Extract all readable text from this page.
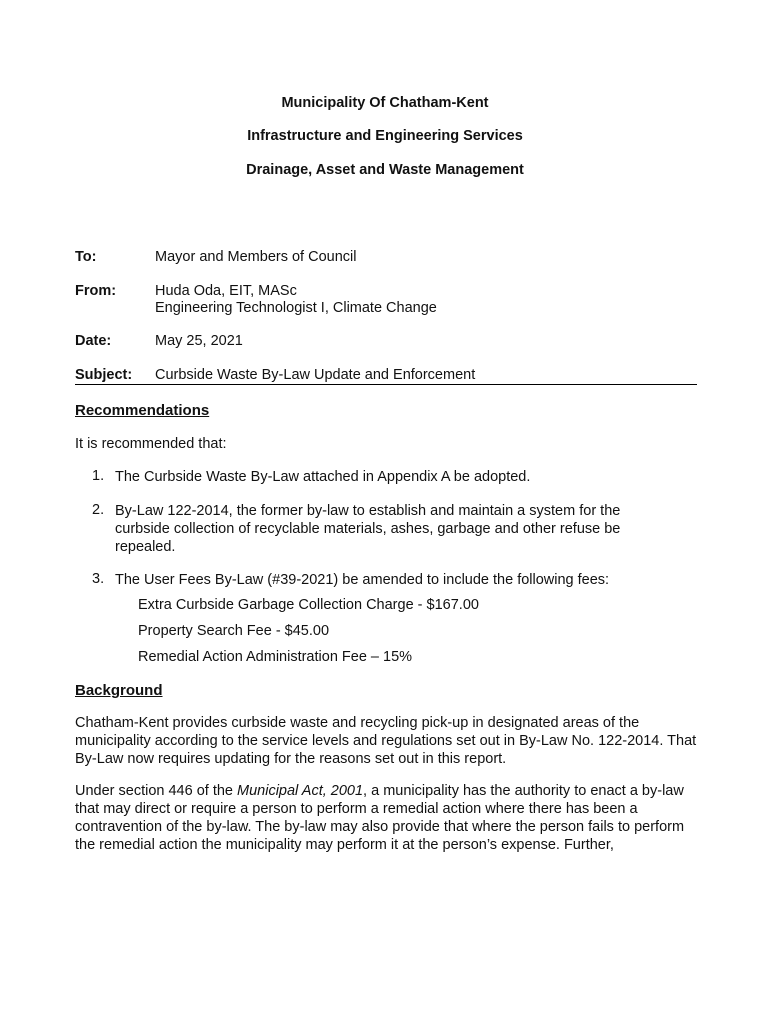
Municipality Of Chatham-Kent
Infrastructure and Engineering Services
Drainage, Asset and Waste Management
To:	Mayor and Members of Council
From:	Huda Oda, EIT, MASc
Engineering Technologist I, Climate Change
Date:	May 25, 2021
Subject: Curbside Waste By-Law Update and Enforcement
Recommendations
It is recommended that:
1. The Curbside Waste By-Law attached in Appendix A be adopted.
2. By-Law 122-2014, the former by-law to establish and maintain a system for the curbside collection of recyclable materials, ashes, garbage and other refuse be repealed.
3. The User Fees By-Law (#39-2021) be amended to include the following fees:
Extra Curbside Garbage Collection Charge - $167.00
Property Search Fee - $45.00
Remedial Action Administration Fee – 15%
Background
Chatham-Kent provides curbside waste and recycling pick-up in designated areas of the municipality according to the service levels and regulations set out in By-Law No. 122-2014. That By-Law now requires updating for the reasons set out in this report.
Under section 446 of the Municipal Act, 2001, a municipality has the authority to enact a by-law that may direct or require a person to perform a remedial action where there has been a contravention of the by-law. The by-law may also provide that where the person fails to perform the remedial action the municipality may perform it at the person’s expense. Further,
